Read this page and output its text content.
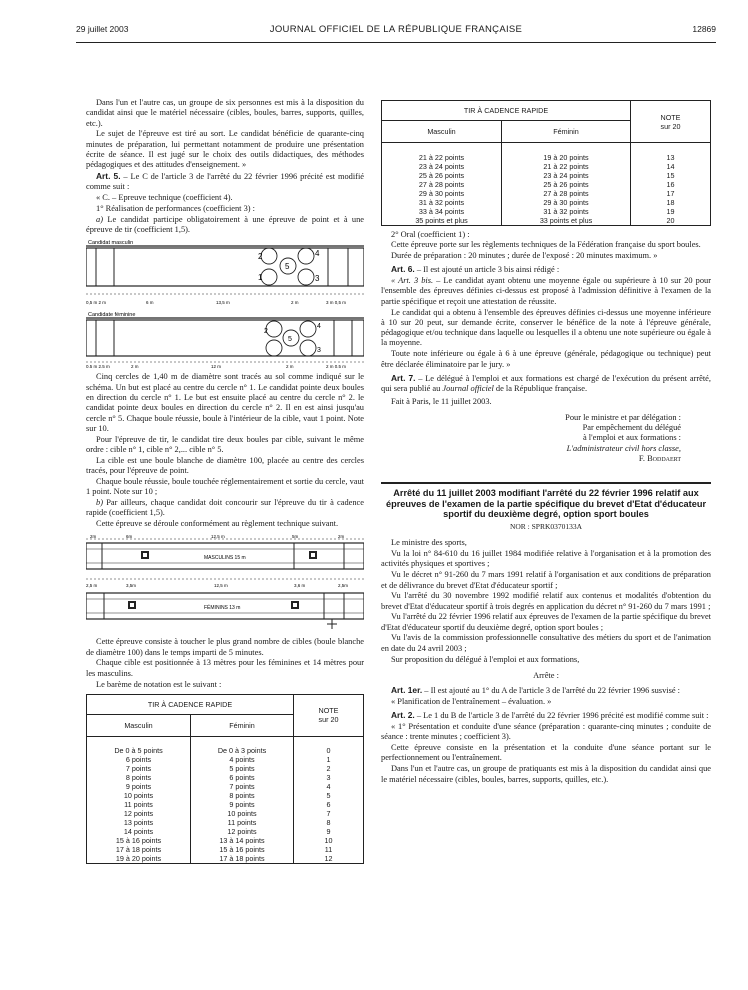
29 juillet 2003	JOURNAL OFFICIEL DE LA RÉPUBLIQUE FRANÇAISE	12869

Dans l'un et l'autre cas, un groupe de six personnes est mis à la disposition du candidat ainsi que le matériel nécessaire (cibles, boules, barres, supports, quilles, etc.).

Le sujet de l'épreuve est tiré au sort. Le candidat bénéficie de quarante-cinq minutes de préparation, lui permettant notamment de produire une présentation écrite de séance. Il est jugé sur le choix des outils didactiques, des méthodes pédagogiques et des attitudes d'enseignement. »

Art. 5. – Le C de l'article 3 de l'arrêté du 22 février 1996 précité est modifié comme suit :

« C. – Epreuve technique (coefficient 4).

1° Réalisation de performances (coefficient 3) :

a) Le candidat participe obligatoirement à une épreuve de point et à une épreuve de tir (coefficient 1,5).

Candidat masculin
2	4
5
1	3
0,5 m 2 m	6 m	13,5 m	2 m	3 m 0,5 m
Candidate féminine
4
5
3
2
0,5 m 2,5 m	2 m	12 m	2 m	2 m 0,5 m

Cinq cercles de 1,40 m de diamètre sont tracés au sol comme indiqué sur le schéma. Un but est placé au centre du cercle n° 1. Le candidat pointe deux boules en direction du cercle n° 1. Le but est ensuite placé au centre du cercle n° 2. le candidat pointe deux boules en direction du cercle n° 2. Il en est ainsi jusqu'au cercle n° 5. Chaque boule réussie, boule à l'intérieur de la cible, vaut 1 point. Note sur 10.

Pour l'épreuve de tir, le candidat tire deux boules par cible, suivant le même ordre : cible n° 1, cible n° 2,... cible n° 5.

La cible est une boule blanche de diamètre 100, placée au centre des cercles tracés, pour l'épreuve de point.

Chaque boule réussie, boule touchée réglementairement et sortie du cercle, vaut 1 point. Note sur 10 ;

b) Par ailleurs, chaque candidat doit concourir sur l'épreuve du tir à cadence rapide (coefficient 1,5).

Cette épreuve se déroule conformément au règlement technique suivant.

2m	6m	12,5 m	5m	2m
MASCULINS 15 m
2,5 m	3,5m	12,5 m	3,6 m	2,5m
FÉMININS 13 m

Cette épreuve consiste à toucher le plus grand nombre de cibles (boule blanche de diamètre 100) dans le temps imparti de 5 minutes.

Chaque cible est positionnée à 13 mètres pour les féminines et 14 mètres pour les masculins.

Le barème de notation est le suivant :

TIR À CADENCE RAPIDE		NOTE
sur 20
Masculin	Féminin	

De 0 à 5 points	De 0 à 3 points	0
6 points	4 points	1
7 points	5 points	2
8 points	6 points	3
9 points	7 points	4
10 points	8 points	5
11 points	9 points	6
12 points	10 points	7
13 points	11 points	8
14 points	12 points	9
15 à 16 points	13 à 14 points	10
17 à 18 points	15 à 16 points	11
19 à 20 points	17 à 18 points	12
TIR À CADENCE RAPIDE		NOTE
sur 20
Masculin	Féminin	

21 à 22 points	19 à 20 points	13
23 à 24 points	21 à 22 points	14
25 à 26 points	23 à 24 points	15
27 à 28 points	25 à 26 points	16
29 à 30 points	27 à 28 points	17
31 à 32 points	29 à 30 points	18
33 à 34 points	31 à 32 points	19
35 points et plus	33 points et plus	20

2° Oral (coefficient 1) :

Cette épreuve porte sur les règlements techniques de la Fédération française du sport boules.

Durée de préparation : 20 minutes ; durée de l'exposé : 20 minutes maximum. »

Art. 6. – Il est ajouté un article 3 bis ainsi rédigé :

« Art. 3 bis. – Le candidat ayant obtenu une moyenne égale ou supérieure à 10 sur 20 pour l'ensemble des épreuves définies ci-dessus est proposé à l'admission définitive à l'examen de la partie spécifique et reçoit une attestation de réussite.

Le candidat qui a obtenu à l'ensemble des épreuves définies ci-dessus une moyenne inférieure à 10 sur 20 peut, sur demande écrite, conserver le bénéfice de la note à l'épreuve générale, pédagogique et/ou technique dans laquelle ou lesquelles il a obtenu une note supérieure ou égale à la moyenne.

Toute note inférieure ou égale à 6 à une épreuve (générale, pédagogique ou technique) peut être déclarée éliminatoire par le jury. »

Art. 7. – Le délégué à l'emploi et aux formations est chargé de l'exécution du présent arrêté, qui sera publié au Journal officiel de la République française.

Fait à Paris, le 11 juillet 2003.

Pour le ministre et par délégation :
Par empêchement du délégué
à l'emploi et aux formations :
L'administrateur civil hors classe,
F. Boddaert
Arrêté du 11 juillet 2003 modifiant l'arrêté du 22 février 1996 relatif aux épreuves de l'examen de la partie spécifique du brevet d'Etat d'éducateur sportif du deuxième degré, option sport boules
NOR : SPRK0370133A

Le ministre des sports,

Vu la loi n° 84-610 du 16 juillet 1984 modifiée relative à l'organisation et à la promotion des activités physiques et sportives ;

Vu le décret n° 91-260 du 7 mars 1991 relatif à l'organisation et aux conditions de préparation et de délivrance du brevet d'Etat d'éducateur sportif ;

Vu l'arrêté du 30 novembre 1992 modifié relatif aux contenus et modalités d'obtention du brevet d'Etat d'éducateur sportif à trois degrés en application du décret n° 91-260 du 7 mars 1991 ;

Vu l'arrêté du 22 février 1996 relatif aux épreuves de l'examen de la partie spécifique du brevet d'Etat d'éducateur sportif du deuxième degré, option sport boules ;

Vu l'avis de la commission professionnelle consultative des métiers du sport et de l'animation en date du 24 avril 2003 ;

Sur proposition du délégué à l'emploi et aux formations,

Arrête :

Art. 1er. – Il est ajouté au 1° du A de l'article 3 de l'arrêté du 22 février 1996 susvisé :

« Planification de l'entraînement – évaluation. »

Art. 2. – Le 1 du B de l'article 3 de l'arrêté du 22 février 1996 précité est modifié comme suit :

« 1° Présentation et conduite d'une séance (préparation : quarante-cinq minutes ; conduite de séance : trente minutes ; coefficient 3).

Cette épreuve consiste en la présentation et la conduite d'une séance portant sur le perfectionnement ou l'entraînement.

Dans l'un et l'autre cas, un groupe de pratiquants est mis à la disposition du candidat ainsi que le matériel nécessaire (cibles, boules, barres, supports, quilles, etc.).
